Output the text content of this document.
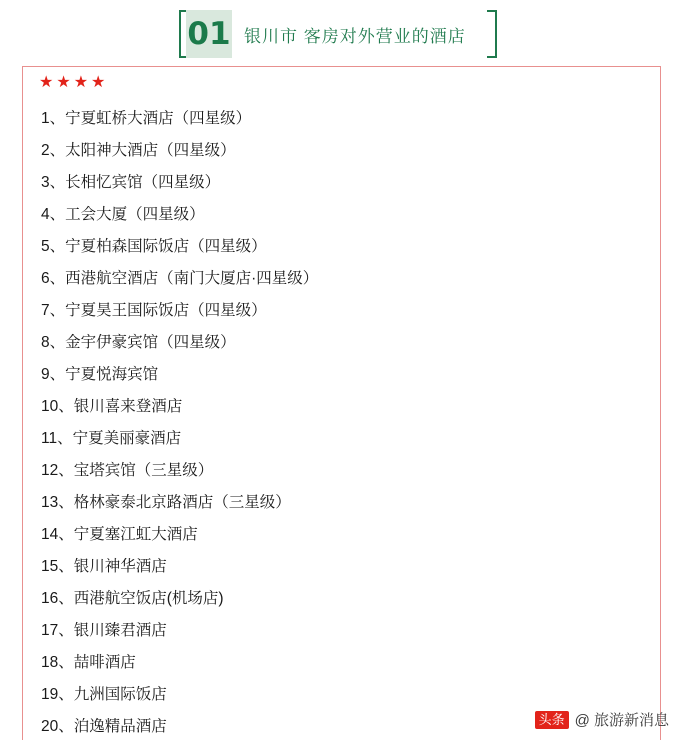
01 银川市 客房对外营业的酒店
★ ★ ★ ★
1、宁夏虹桥大酒店（四星级）
2、太阳神大酒店（四星级）
3、长相忆宾馆（四星级）
4、工会大厦（四星级）
5、宁夏柏森国际饭店（四星级）
6、西港航空酒店（南门大厦店·四星级）
7、宁夏昊王国际饭店（四星级）
8、金宇伊豪宾馆（四星级）
9、宁夏悦海宾馆
10、银川喜来登酒店
11、宁夏美丽豪酒店
12、宝塔宾馆（三星级）
13、格林豪泰北京路酒店（三星级）
14、宁夏塞江虹大酒店
15、银川神华酒店
16、西港航空饭店(机场店)
17、银川臻君酒店
18、喆啡酒店
19、九洲国际饭店
20、泊逸精品酒店	头条 @ 旅游新消息
